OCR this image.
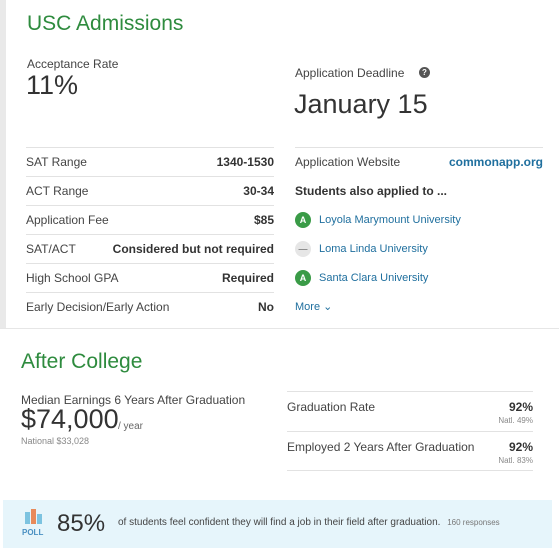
USC Admissions
Acceptance Rate
11%	Application Deadline	?
January 15
SAT Range	1340-1530
ACT Range	30-34
Application Fee	$85
SAT/ACT	Considered but not required
High School GPA	Required
Early Decision/Early Action	No
Application Website	commonapp.org
Students also applied to ...
A	Loyola Marymount University
—	Loma Linda University
A	Santa Clara University
More ⌄
After College
Median Earnings 6 Years After Graduation
$74,000 / year
National $33,028
Graduation Rate	92%
Natl. 49%
Employed 2 Years After Graduation	92%
Natl. 83%
POLL 85% of students feel confident they will find a job in their field after graduation. 160 responses
